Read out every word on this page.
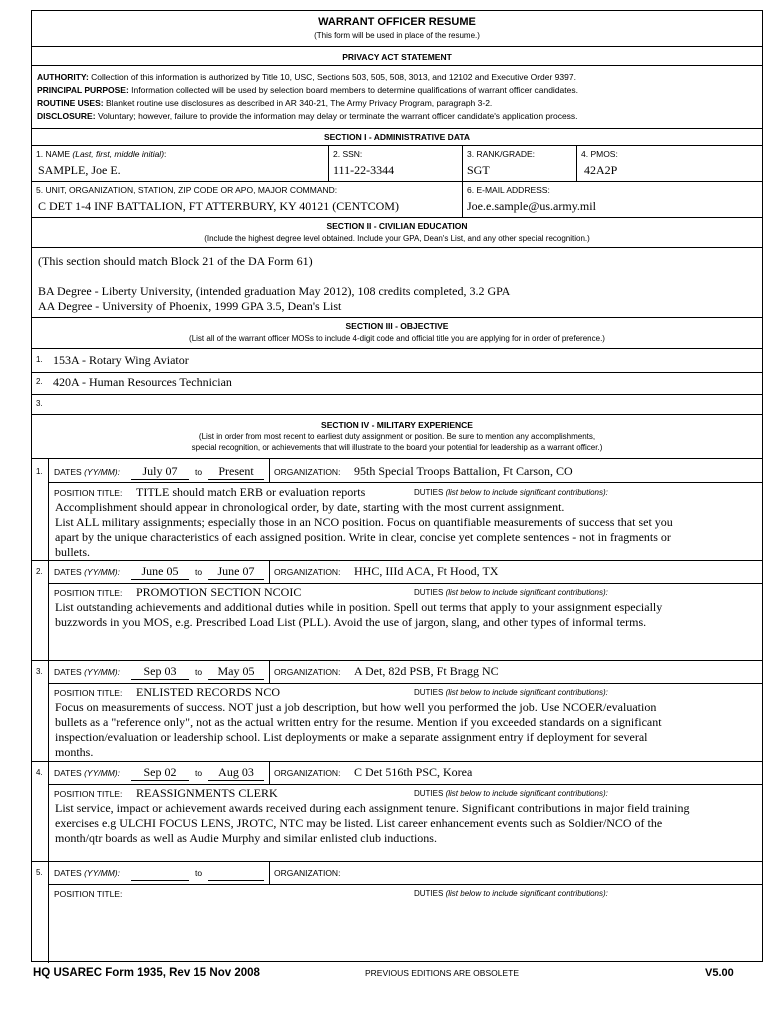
WARRANT OFFICER RESUME
(This form will be used in place of the resume.)
PRIVACY ACT STATEMENT
AUTHORITY: Collection of this information is authorized by Title 10, USC, Sections 503, 505, 508, 3013, and 12102 and Executive Order 9397.
PRINCIPAL PURPOSE: Information collected will be used by selection board members to determine qualifications of warrant officer candidates.
ROUTINE USES: Blanket routine use disclosures as described in AR 340-21, The Army Privacy Program, paragraph 3-2.
DISCLOSURE: Voluntary; however, failure to provide the information may delay or terminate the warrant officer candidate's application process.
SECTION I - ADMINISTRATIVE DATA
1. NAME (Last, first, middle initial):
SAMPLE, Joe E.
2. SSN:
111-22-3344
3. RANK/GRADE:
SGT
4. PMOS:
42A2P
5. UNIT, ORGANIZATION, STATION, ZIP CODE OR APO, MAJOR COMMAND:
C DET 1-4 INF BATTALION, FT ATTERBURY, KY 40121 (CENTCOM)
6. E-MAIL ADDRESS:
Joe.e.sample@us.army.mil
SECTION II - CIVILIAN EDUCATION
(Include the highest degree level obtained. Include your GPA, Dean's List, and any other special recognition.)
(This section should match Block 21 of the DA Form 61)
BA Degree - Liberty University, (intended graduation May 2012), 108 credits completed, 3.2 GPA
AA Degree - University of Phoenix, 1999 GPA 3.5, Dean's List
SECTION III - OBJECTIVE
(List all of the warrant officer MOSs to include 4-digit code and official title you are applying for in order of preference.)
1. 153A - Rotary Wing Aviator
2. 420A - Human Resources Technician
3.
SECTION IV - MILITARY EXPERIENCE
(List in order from most recent to earliest duty assignment or position. Be sure to mention any accomplishments,
special recognition, or achievements that will illustrate to the board your potential for leadership as a warrant officer.)
1. DATES (YY/MM):	July 07	to	Present	ORGANIZATION: 95th Special Troops Battalion, Ft Carson, CO
POSITION TITLE: TITLE should match ERB or evaluation reports	DUTIES (list below to include significant contributions):
Accomplishment should appear in chronological order, by date, starting with the most current assignment.
List ALL military assignments; especially those in an NCO position. Focus on quantifiable measurements of success that set you
apart by the unique characteristics of each assigned position. Write in clear, concise yet complete sentences - not in fragments or
bullets.
2. DATES (YY/MM):	June 05	to	June 07	ORGANIZATION: HHC, IIId ACA, Ft Hood, TX
POSITION TITLE: PROMOTION SECTION NCOIC	DUTIES (list below to include significant contributions):
List outstanding achievements and additional duties while in position. Spell out terms that apply to your assignment especially
buzzwords in you MOS, e.g. Prescribed Load List (PLL). Avoid the use of jargon, slang, and other types of informal terms.
3. DATES (YY/MM):	Sep 03	to	May 05	ORGANIZATION: A Det, 82d PSB, Ft Bragg NC
POSITION TITLE: ENLISTED RECORDS NCO	DUTIES (list below to include significant contributions):
Focus on measurements of success. NOT just a job description, but how well you performed the job. Use NCOER/evaluation
bullets as a "reference only", not as the actual written entry for the resume. Mention if you exceeded standards on a significant
inspection/evaluation or leadership school. List deployments or make a separate assignment entry if deployment for several
months.
4. DATES (YY/MM):	Sep 02	to	Aug 03	ORGANIZATION: C Det 516th PSC, Korea
POSITION TITLE: REASSIGNMENTS CLERK	DUTIES (list below to include significant contributions):
List service, impact or achievement awards received during each assignment tenure. Significant contributions in major field training
exercises e.g ULCHI FOCUS LENS, JROTC, NTC may be listed. List career enhancement events such as Soldier/NCO of the
month/qtr boards as well as Audie Murphy and similar enlisted club inductions.
5. DATES (YY/MM):	to	ORGANIZATION:
POSITION TITLE:	DUTIES (list below to include significant contributions):
HQ USAREC Form 1935, Rev 15 Nov 2008	PREVIOUS EDITIONS ARE OBSOLETE	V5.00
